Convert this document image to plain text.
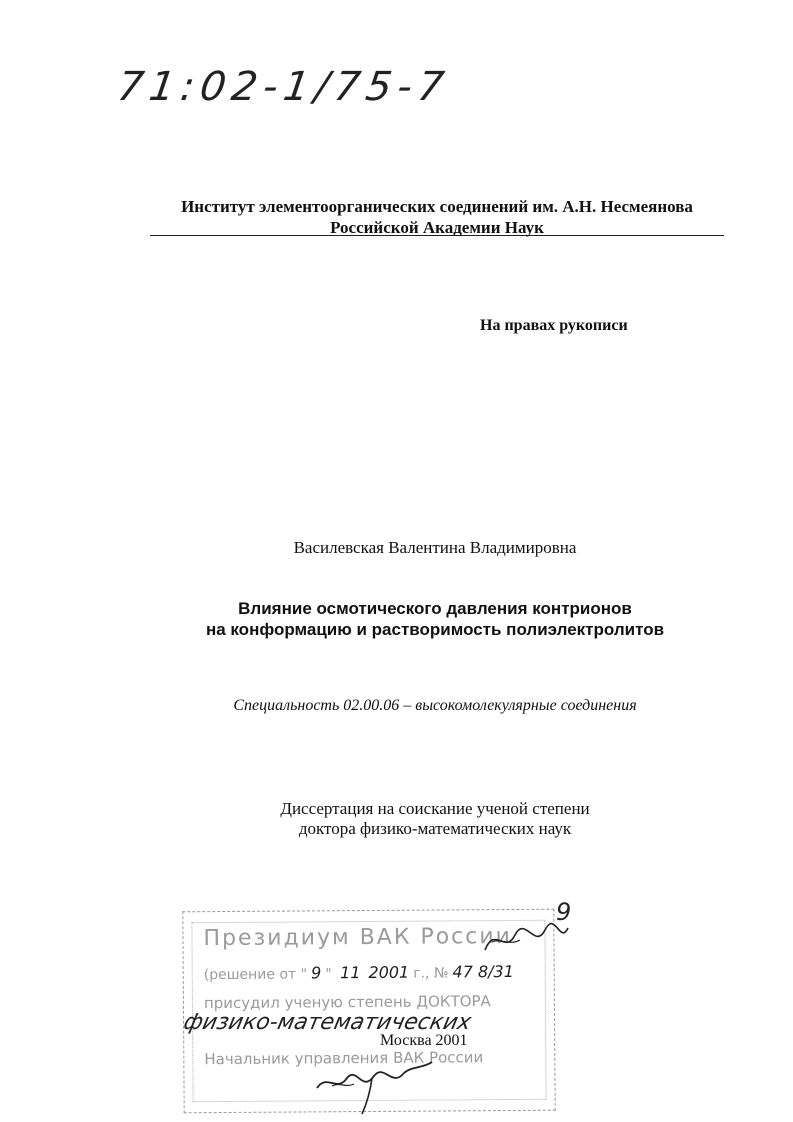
71:02-1/75-7
Институт элементоорганических соединений им. А.Н. Несмеянова
Российской Академии Наук
На правах рукописи
Василевская Валентина Владимировна
Влияние осмотического давления контрионов
на конформацию и растворимость полиэлектролитов
Специальность 02.00.06 – высокомолекулярные соединения
Диссертация на соискание ученой степени
доктора физико-математических наук
Президиум ВАК России
(решение от " 9 " 11 2001 г., № 47 8/31
присудил ученую степень ДОКТОРА
Начальник управления ВАК России
физико-математических
Москва 2001
9
